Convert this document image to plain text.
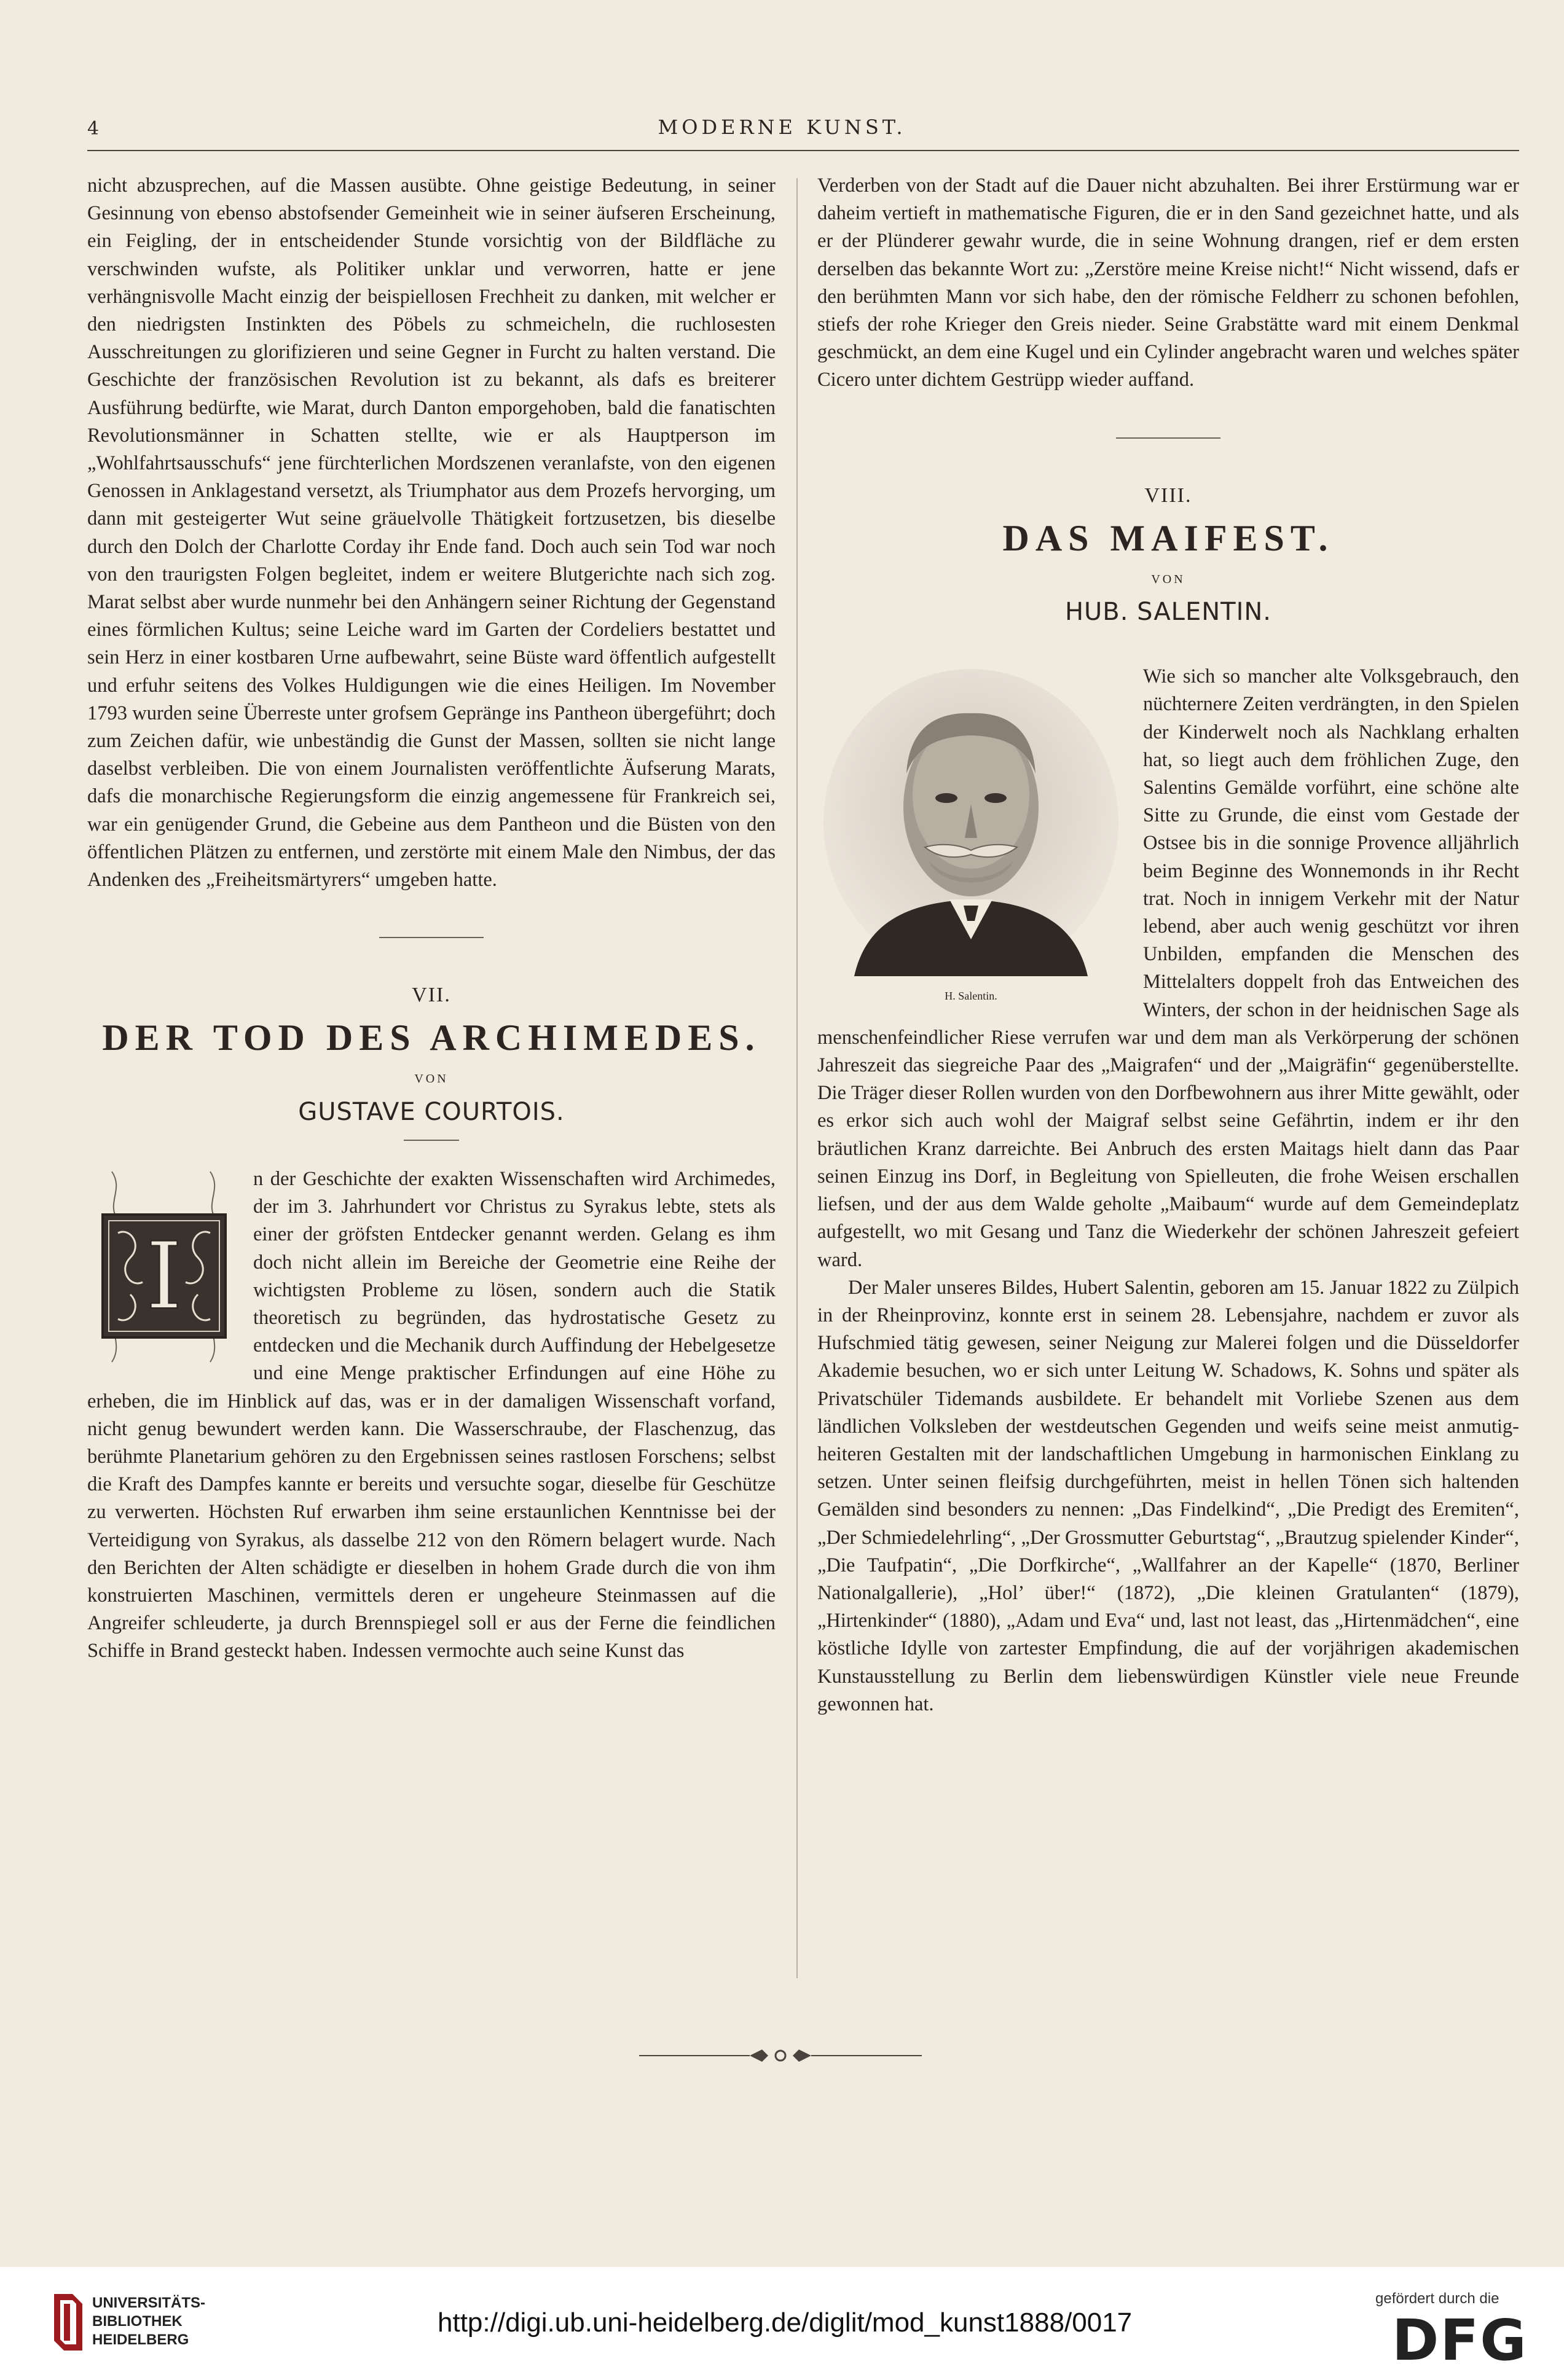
4	MODERNE KUNST.

nicht abzusprechen, auf die Massen ausübte. Ohne geistige Bedeutung, in seiner Gesinnung von ebenso abstofsender Gemeinheit wie in seiner äufseren Erscheinung, ein Feigling, der in entscheidender Stunde vorsichtig von der Bildfläche zu verschwinden wufste, als Politiker unklar und verworren, hatte er jene verhängnisvolle Macht einzig der beispiellosen Frechheit zu danken, mit welcher er den niedrigsten Instinkten des Pöbels zu schmeicheln, die ruchlosesten Ausschreitungen zu glorifizieren und seine Gegner in Furcht zu halten verstand. Die Geschichte der französischen Revolution ist zu bekannt, als dafs es breiterer Ausführung bedürfte, wie Marat, durch Danton emporgehoben, bald die fanatischten Revolutionsmänner in Schatten stellte, wie er als Hauptperson im „Wohlfahrtsausschufs“ jene fürchterlichen Mordszenen veranlafste, von den eigenen Genossen in Anklagestand versetzt, als Triumphator aus dem Prozefs hervorging, um dann mit gesteigerter Wut seine gräuelvolle Thätigkeit fortzusetzen, bis dieselbe durch den Dolch der Charlotte Corday ihr Ende fand. Doch auch sein Tod war noch von den traurigsten Folgen begleitet, indem er weitere Blutgerichte nach sich zog. Marat selbst aber wurde nunmehr bei den Anhängern seiner Richtung der Gegenstand eines förmlichen Kultus; seine Leiche ward im Garten der Cordeliers bestattet und sein Herz in einer kostbaren Urne aufbewahrt, seine Büste ward öffentlich aufgestellt und erfuhr seitens des Volkes Huldigungen wie die eines Heiligen. Im November 1793 wurden seine Überreste unter grofsem Gepränge ins Pantheon übergeführt; doch zum Zeichen dafür, wie unbeständig die Gunst der Massen, sollten sie nicht lange daselbst verbleiben. Die von einem Journalisten veröffentlichte Äufserung Marats, dafs die monarchische Regierungsform die einzig angemessene für Frankreich sei, war ein genügender Grund, die Gebeine aus dem Pantheon und die Büsten von den öffentlichen Plätzen zu entfernen, und zerstörte mit einem Male den Nimbus, der das Andenken des „Freiheitsmärtyrers“ umgeben hatte.

VII.
DER TOD DES ARCHIMEDES.
VON
GUSTAVE COURTOIS.

I
n der Geschichte der exakten Wissenschaften wird Archimedes, der im 3. Jahrhundert vor Christus zu Syrakus lebte, stets als einer der gröfsten Entdecker genannt werden. Gelang es ihm doch nicht allein im Bereiche der Geometrie eine Reihe der wichtigsten Probleme zu lösen, sondern auch die Statik theoretisch zu begründen, das hydrostatische Gesetz zu entdecken und die Mechanik durch Auffindung der Hebelgesetze und eine Menge praktischer Erfindungen auf eine Höhe zu erheben, die im Hinblick auf das, was er in der damaligen Wissenschaft vorfand, nicht genug bewundert werden kann. Die Wasserschraube, der Flaschenzug, das berühmte Planetarium gehören zu den Ergebnissen seines rastlosen Forschens; selbst die Kraft des Dampfes kannte er bereits und versuchte sogar, dieselbe für Geschütze zu verwerten. Höchsten Ruf erwarben ihm seine erstaunlichen Kenntnisse bei der Verteidigung von Syrakus, als dasselbe 212 von den Römern belagert wurde. Nach den Berichten der Alten schädigte er dieselben in hohem Grade durch die von ihm konstruierten Maschinen, vermittels deren er ungeheure Steinmassen auf die Angreifer schleuderte, ja durch Brennspiegel soll er aus der Ferne die feindlichen Schiffe in Brand gesteckt haben. Indessen vermochte auch seine Kunst das

Verderben von der Stadt auf die Dauer nicht abzuhalten. Bei ihrer Erstürmung war er daheim vertieft in mathematische Figuren, die er in den Sand gezeichnet hatte, und als er der Plünderer gewahr wurde, die in seine Wohnung drangen, rief er dem ersten derselben das bekannte Wort zu: „Zerstöre meine Kreise nicht!“ Nicht wissend, dafs er den berühmten Mann vor sich habe, den der römische Feldherr zu schonen befohlen, stiefs der rohe Krieger den Greis nieder. Seine Grabstätte ward mit einem Denkmal geschmückt, an dem eine Kugel und ein Cylinder angebracht waren und welches später Cicero unter dichtem Gestrüpp wieder auffand.

VIII.
DAS MAIFEST.
VON
HUB. SALENTIN.

H. Salentin.
Wie sich so mancher alte Volksgebrauch, den nüchternere Zeiten verdrängten, in den Spielen der Kinderwelt noch als Nachklang erhalten hat, so liegt auch dem fröhlichen Zuge, den Salentins Gemälde vorführt, eine schöne alte Sitte zu Grunde, die einst vom Gestade der Ostsee bis in die sonnige Provence alljährlich beim Beginne des Wonnemonds in ihr Recht trat. Noch in innigem Verkehr mit der Natur lebend, aber auch wenig geschützt vor ihren Unbilden, empfanden die Menschen des Mittelalters doppelt froh das Entweichen des Winters, der schon in der heidnischen Sage als menschenfeindlicher Riese verrufen war und dem man als Verkörperung der schönen Jahreszeit das siegreiche Paar des „Maigrafen“ und der „Maigräfin“ gegenüberstellte. Die Träger dieser Rollen wurden von den Dorfbewohnern aus ihrer Mitte gewählt, oder es erkor sich auch wohl der Maigraf selbst seine Gefährtin, indem er ihr den bräutlichen Kranz darreichte. Bei Anbruch des ersten Maitags hielt dann das Paar seinen Einzug ins Dorf, in Begleitung von Spielleuten, die frohe Weisen erschallen liefsen, und der aus dem Walde geholte „Maibaum“ wurde auf dem Gemeindeplatz aufgestellt, wo mit Gesang und Tanz die Wiederkehr der schönen Jahreszeit gefeiert ward.

Der Maler unseres Bildes, Hubert Salentin, geboren am 15. Januar 1822 zu Zülpich in der Rheinprovinz, konnte erst in seinem 28. Lebensjahre, nachdem er zuvor als Hufschmied tätig gewesen, seiner Neigung zur Malerei folgen und die Düsseldorfer Akademie besuchen, wo er sich unter Leitung W. Schadows, K. Sohns und später als Privatschüler Tidemands ausbildete. Er behandelt mit Vorliebe Szenen aus dem ländlichen Volksleben der westdeutschen Gegenden und weifs seine meist anmutig-heiteren Gestalten mit der landschaftlichen Umgebung in harmonischen Einklang zu setzen. Unter seinen fleifsig durchgeführten, meist in hellen Tönen sich haltenden Gemälden sind besonders zu nennen: „Das Findelkind“, „Die Predigt des Eremiten“, „Der Schmiedelehrling“, „Der Grossmutter Geburtstag“, „Brautzug spielender Kinder“, „Die Taufpatin“, „Die Dorfkirche“, „Wallfahrer an der Kapelle“ (1870, Berliner Nationalgallerie), „Hol’ über!“ (1872), „Die kleinen Gratulanten“ (1879), „Hirtenkinder“ (1880), „Adam und Eva“ und, last not least, das „Hirtenmädchen“, eine köstliche Idylle von zartester Empfindung, die auf der vorjährigen akademischen Kunstausstellung zu Berlin dem liebenswürdigen Künstler viele neue Freunde gewonnen hat.

UNIVERSITÄTS-
BIBLIOTHEK
HEIDELBERG
http://digi.ub.uni-heidelberg.de/diglit/mod_kunst1888/0017
gefördert durch die
DFG
